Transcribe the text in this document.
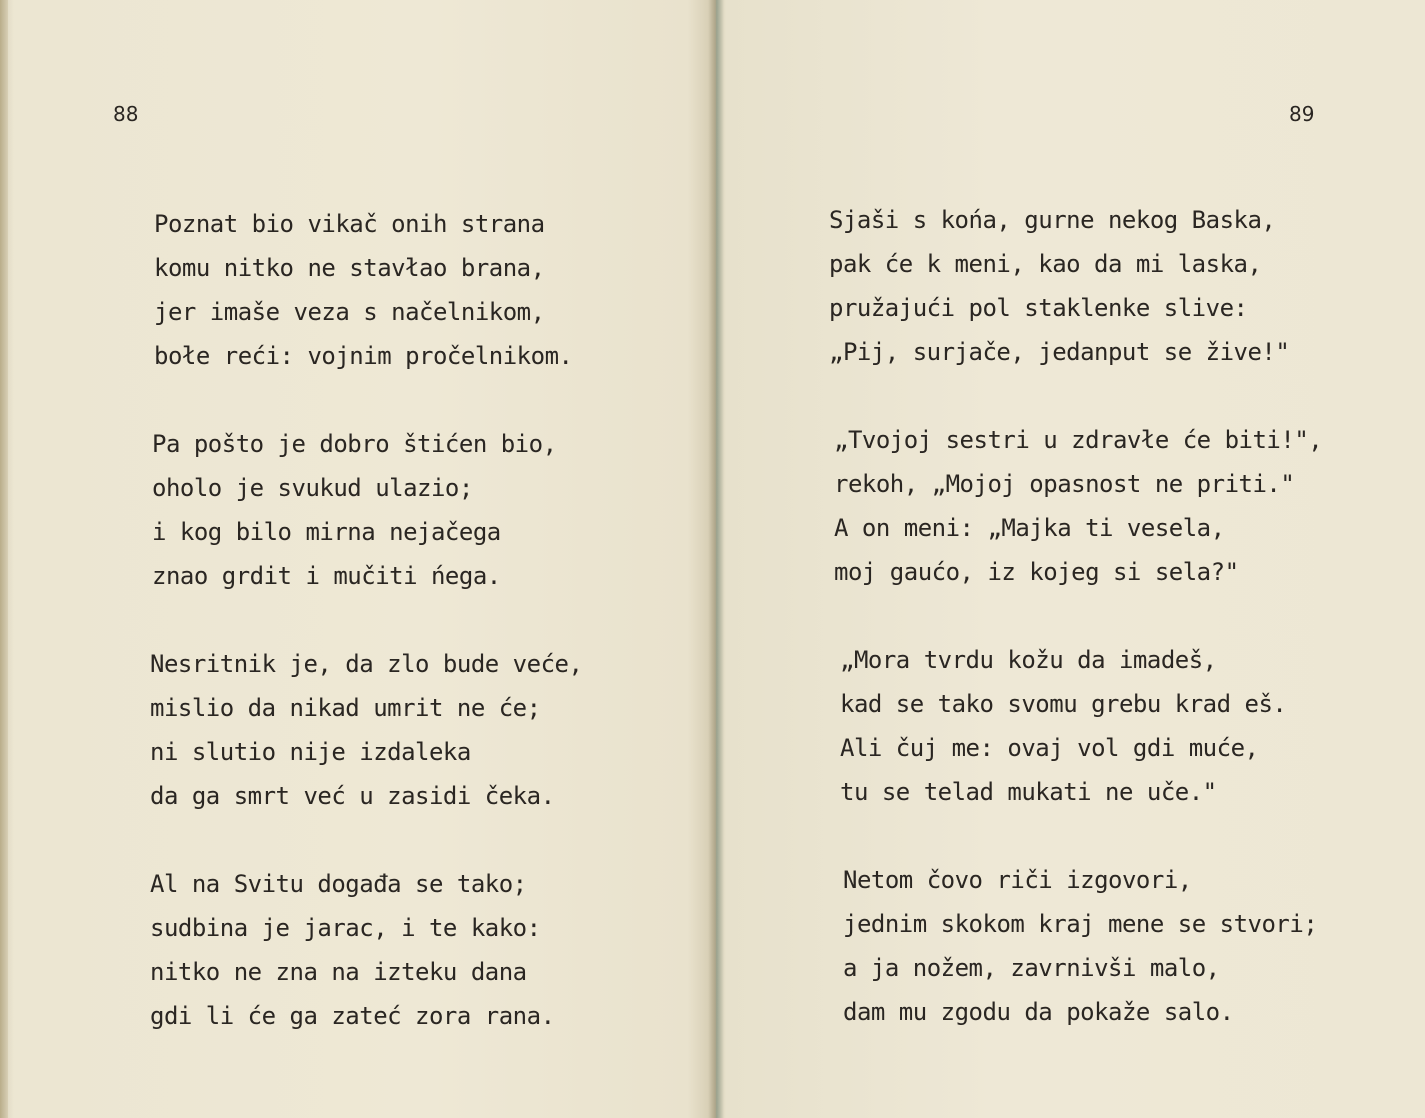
88
Poznat bio vikač onih strana
komu nitko ne stavłao brana,
jer imaše veza s načelnikom,
bołe reći: vojnim pročelnikom.
Pa pošto je dobro štićen bio,
oholo je svukud ulazio;
i kog bilo mirna nejačega
znao grdit i mučiti ńega.
Nesritnik je, da zlo bude veće,
mislio da nikad umrit ne će;
ni slutio nije izdaleka
da ga smrt već u zasidi čeka.
Al na Svitu događa se tako;
sudbina je jarac, i te kako:
nitko ne zna na izteku dana
gdi li će ga zateć zora rana.
89
Sjaši s końa, gurne nekog Baska,
pak će k meni, kao da mi laska,
pružajući pol staklenke slive:
„Pij, surjače, jedanput se žive!"
„Tvojoj sestri u zdravłe će biti!",
rekoh, „Mojoj opasnost ne priti."
A on meni: „Majka ti vesela,
moj gaućo, iz kojeg si sela?"
„Mora tvrdu kožu da imadeš,
kad se tako svomu grebu krad eš.
Ali čuj me: ovaj vol gdi muće,
tu se telad mukati ne uče."
Netom čovo riči izgovori,
jednim skokom kraj mene se stvori;
a ja nožem, zavrnivši malo,
dam mu zgodu da pokaže salo.
